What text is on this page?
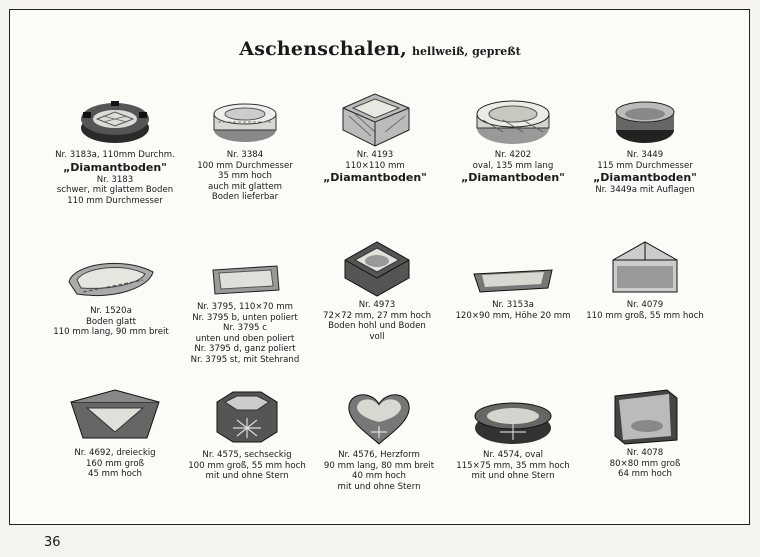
Aschenschalen, hellweiß, gepreßt
Nr. 3183a, 110mm Durchm.
„Diamantboden"
Nr. 3183
schwer, mit glattem Boden
110 mm Durchmesser
Nr. 3384
100 mm Durchmesser
35 mm hoch
auch mit glattem
Boden lieferbar
Nr. 4193
110×110 mm
„Diamantboden"
Nr. 4202
oval, 135 mm lang
„Diamantboden"
Nr. 3449
115 mm Durchmesser
„Diamantboden"
Nr. 3449a mit Auflagen
Nr. 1520a
Boden glatt
110 mm lang, 90 mm breit
Nr. 3795, 110×70 mm
Nr. 3795 b, unten poliert
Nr. 3795 c
unten und oben poliert
Nr. 3795 d, ganz poliert
Nr. 3795 st, mit Stehrand
Nr. 4973
72×72 mm, 27 mm hoch
Boden hohl und Boden
voll
Nr. 3153a
120×90 mm, Höhe 20 mm
Nr. 4079
110 mm groß, 55 mm hoch
Nr. 4692, dreieckig
160 mm groß
45 mm hoch
Nr. 4575, sechseckig
100 mm groß, 55 mm hoch
mit und ohne Stern
Nr. 4576, Herzform
90 mm lang, 80 mm breit
40 mm hoch
mit und ohne Stern
Nr. 4574, oval
115×75 mm, 35 mm hoch
mit und ohne Stern
Nr. 4078
80×80 mm groß
64 mm hoch
36
